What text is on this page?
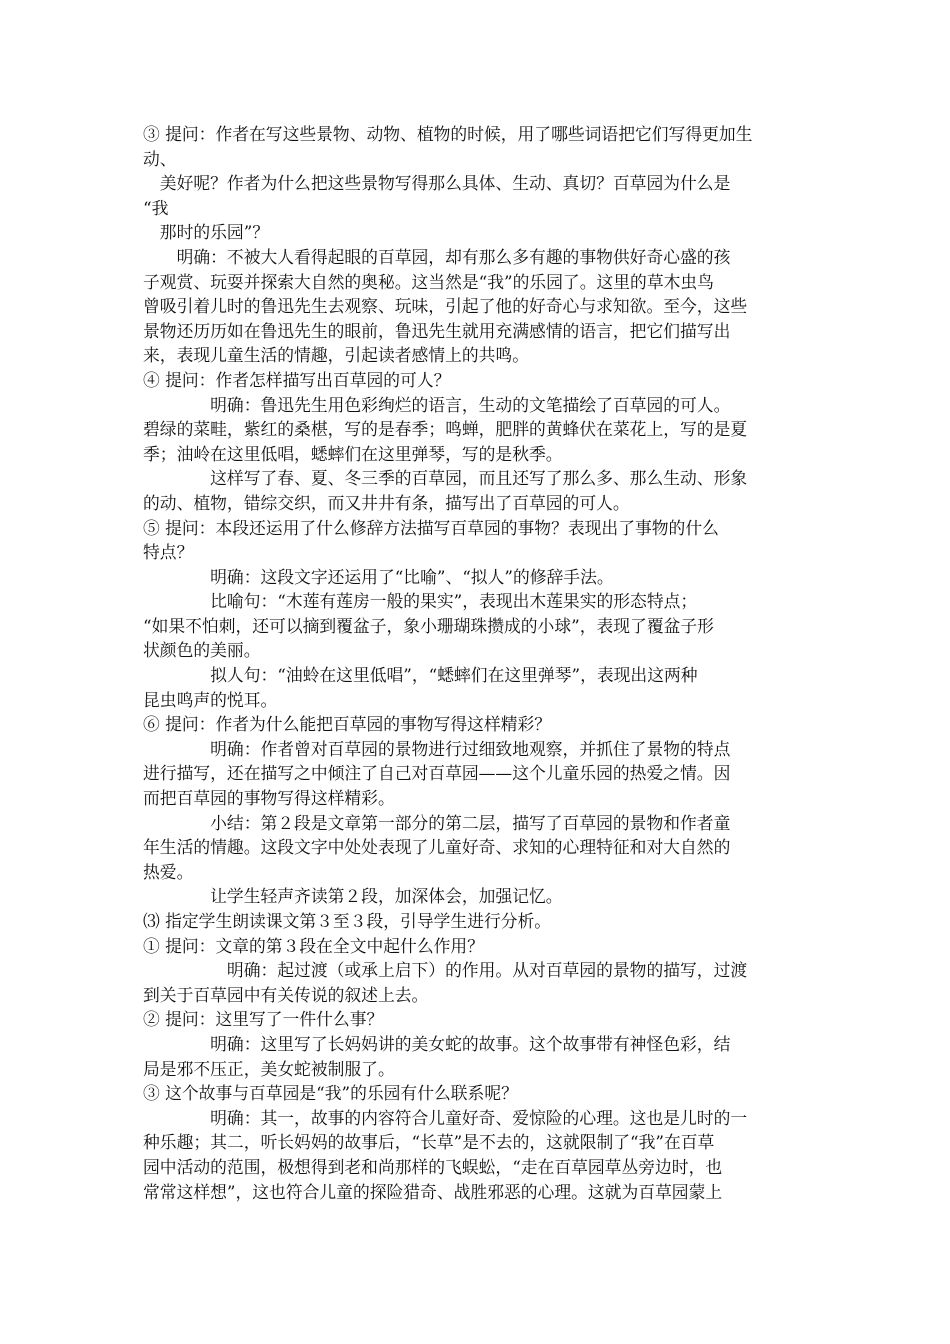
③ 提问：作者在写这些景物、动物、植物的时候，用了哪些词语把它们写得更加生
动、
　美好呢？作者为什么把这些景物写得那么具体、生动、真切？百草园为什么是
“我
　那时的乐园”？
　　明确：不被大人看得起眼的百草园，却有那么多有趣的事物供好奇心盛的孩
子观赏、玩耍并探索大自然的奥秘。这当然是“我”的乐园了。这里的草木虫鸟
曾吸引着儿时的鲁迅先生去观察、玩味，引起了他的好奇心与求知欲。至今，这些
景物还历历如在鲁迅先生的眼前，鲁迅先生就用充满感情的语言，把它们描写出
来，表现儿童生活的情趣，引起读者感情上的共鸣。
④ 提问：作者怎样描写出百草园的可人？
　　　　明确：鲁迅先生用色彩绚烂的语言，生动的文笔描绘了百草园的可人。
碧绿的菜畦，紫红的桑椹，写的是春季；鸣蝉，肥胖的黄蜂伏在菜花上，写的是夏
季；油岭在这里低唱，蟋蟀们在这里弹琴，写的是秋季。
　　　　这样写了春、夏、冬三季的百草园，而且还写了那么多、那么生动、形象
的动、植物，错综交织，而又井井有条，描写出了百草园的可人。
⑤ 提问：本段还运用了什么修辞方法描写百草园的事物？表现出了事物的什么
特点？
　　　　明确：这段文字还运用了“比喻”、“拟人”的修辞手法。
　　　　比喻句：“木莲有莲房一般的果实”，表现出木莲果实的形态特点；
“如果不怕刺，还可以摘到覆盆子，象小珊瑚珠攒成的小球”，表现了覆盆子形
状颜色的美丽。
　　　　拟人句：“油蛉在这里低唱”，“蟋蟀们在这里弹琴”，表现出这两种
昆虫鸣声的悦耳。
⑥ 提问：作者为什么能把百草园的事物写得这样精彩？
　　　　明确：作者曾对百草园的景物进行过细致地观察，并抓住了景物的特点
进行描写，还在描写之中倾注了自己对百草园——这个儿童乐园的热爱之情。因
而把百草园的事物写得这样精彩。
　　　　小结：第２段是文章第一部分的第二层，描写了百草园的景物和作者童
年生活的情趣。这段文字中处处表现了儿童好奇、求知的心理特征和对大自然的
热爱。
　　　　让学生轻声齐读第２段，加深体会，加强记忆。
⑶ 指定学生朗读课文第３至３段，引导学生进行分析。
① 提问：文章的第３段在全文中起什么作用？
　　　　　明确：起过渡（或承上启下）的作用。从对百草园的景物的描写，过渡
到关于百草园中有关传说的叙述上去。
② 提问：这里写了一件什么事？
　　　　明确：这里写了长妈妈讲的美女蛇的故事。这个故事带有神怪色彩，结
局是邪不压正，美女蛇被制服了。
③ 这个故事与百草园是“我”的乐园有什么联系呢？
　　　　明确：其一，故事的内容符合儿童好奇、爱惊险的心理。这也是儿时的一
种乐趣；其二，听长妈妈的故事后，“长草”是不去的，这就限制了“我”在百草
园中活动的范围，极想得到老和尚那样的飞蜈蚣，“走在百草园草丛旁边时，也
常常这样想”，这也符合儿童的探险猎奇、战胜邪恶的心理。这就为百草园蒙上
